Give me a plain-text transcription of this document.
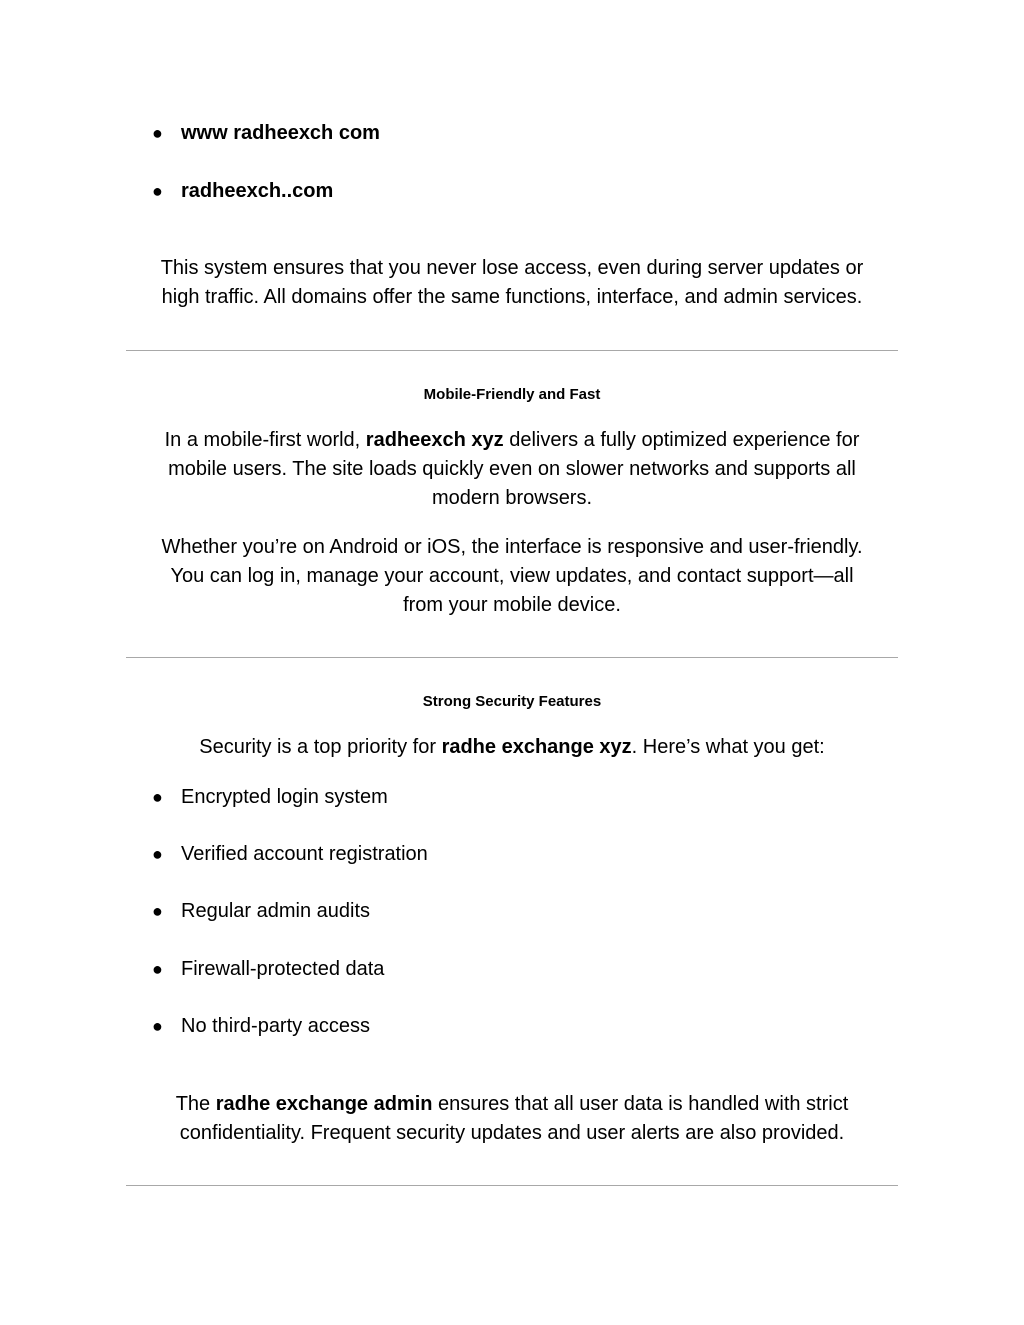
● www radheexch com
● radheexch..com
This system ensures that you never lose access, even during server updates or
high traffic. All domains offer the same functions, interface, and admin services.
Mobile-Friendly and Fast
In a mobile-first world, radheexch xyz delivers a fully optimized experience for
mobile users. The site loads quickly even on slower networks and supports all
modern browsers.
Whether you’re on Android or iOS, the interface is responsive and user-friendly.
You can log in, manage your account, view updates, and contact support—all
from your mobile device.
Strong Security Features
Security is a top priority for radhe exchange xyz. Here’s what you get:
● Encrypted login system
● Verified account registration
● Regular admin audits
● Firewall-protected data
● No third-party access
The radhe exchange admin ensures that all user data is handled with strict
confidentiality. Frequent security updates and user alerts are also provided.
